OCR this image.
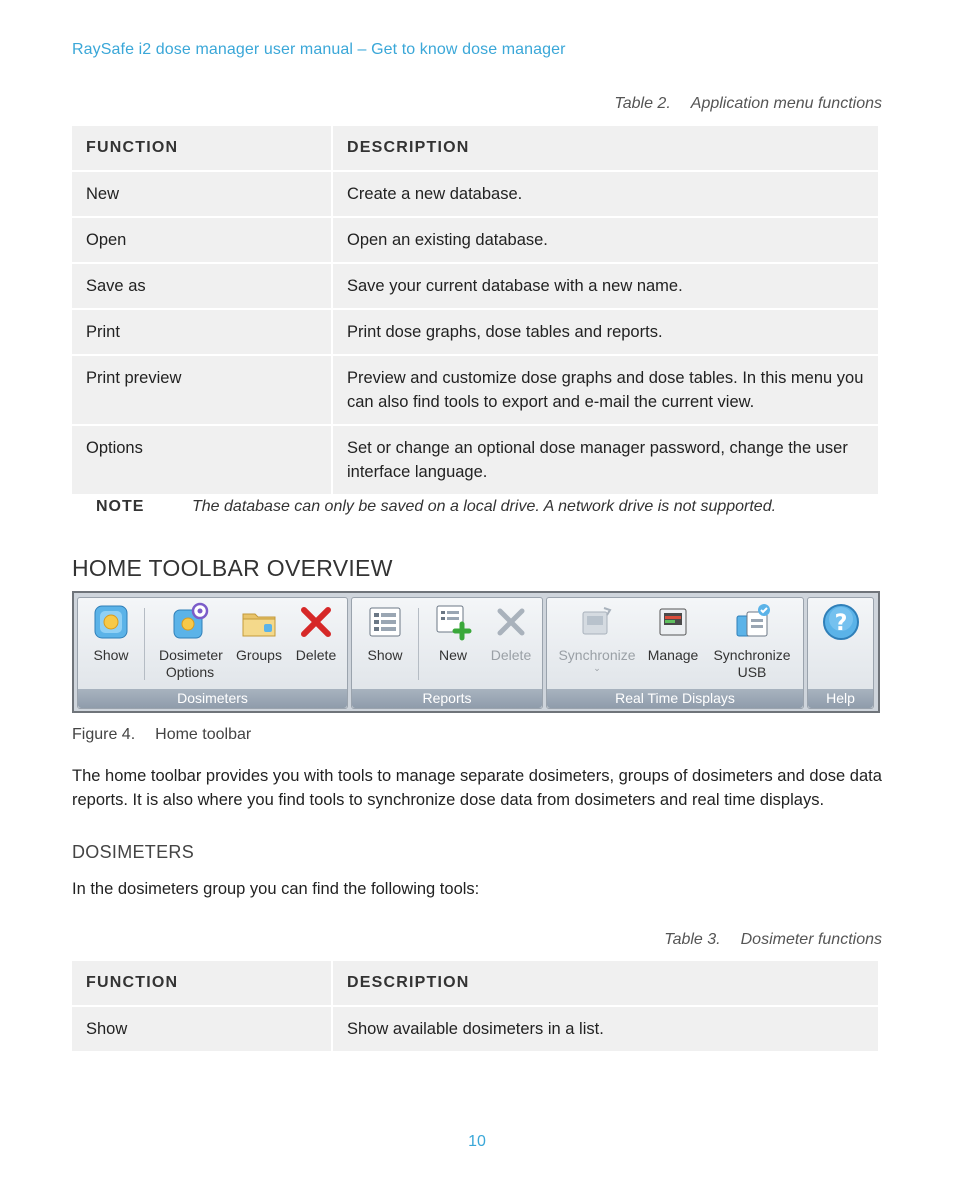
RaySafe i2 dose manager user manual – Get to know dose manager
Table 2. Application menu functions
FUNCTION	DESCRIPTION
New	Create a new database.
Open	Open an existing database.
Save as	Save your current database with a new name.
Print	Print dose graphs, dose tables and reports.
Print preview	Preview and customize dose graphs and dose tables. In this menu you can also find tools to export and e-mail the current view.
Options	Set or change an optional dose manager password, change the user interface language.
NOTE	The database can only be saved on a local drive. A network drive is not supported.
HOME TOOLBAR OVERVIEW
Show	Dosimeter Options
Groups Delete
Dosimeters
Show	New	Delete
Reports
Synchronize
⌄
Manage	Synchronize USB
Real Time Displays
?
Help
Figure 4. Home toolbar
The home toolbar provides you with tools to manage separate dosimeters, groups of dosimeters and dose data reports. It is also where you find tools to synchronize dose data from dosimeters and real time displays.
DOSIMETERS
In the dosimeters group you can find the following tools:
Table 3. Dosimeter functions
FUNCTION	DESCRIPTION
Show	Show available dosimeters in a list.
10
